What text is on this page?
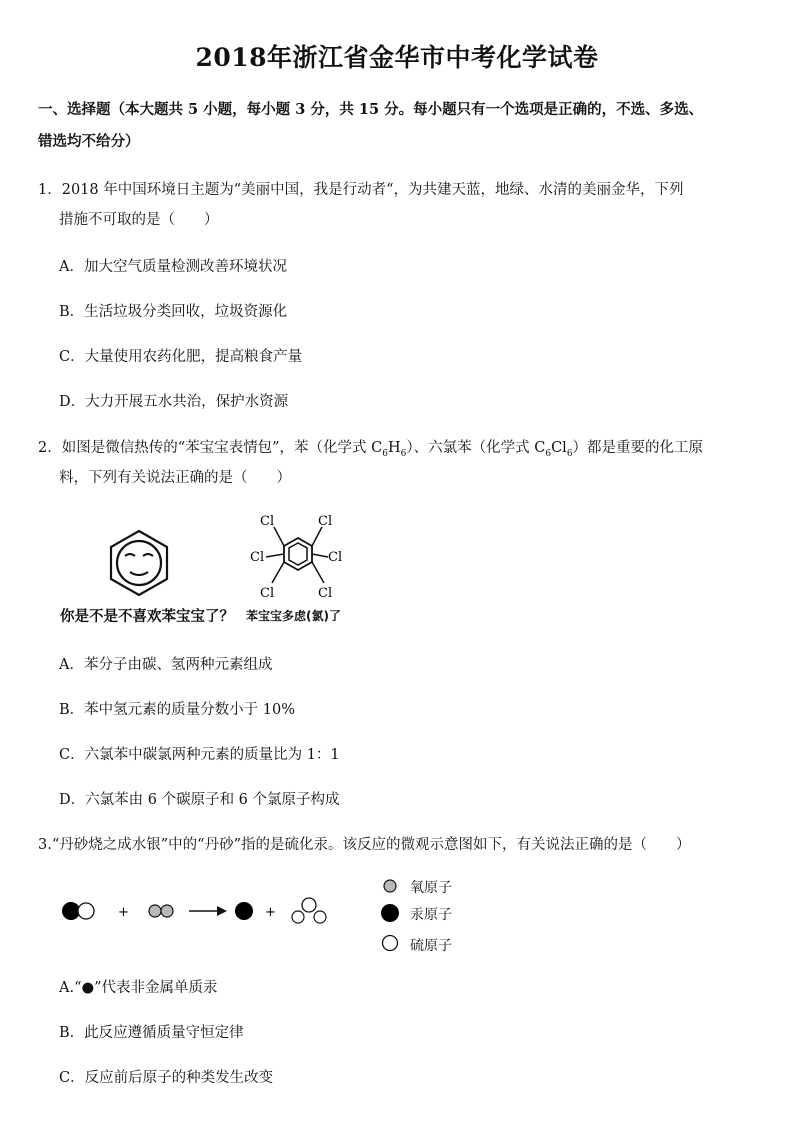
2018年浙江省金华市中考化学试卷
一、选择题（本大题共 5 小题，每小题 3 分，共 15 分。每小题只有一个选项是正确的，不选、多选、
错选均不给分）
1．2018 年中国环境日主题为“美丽中国，我是行动者“，为共建天蓝，地绿、水清的美丽金华，下列
措施不可取的是（　　）
A．加大空气质量检测改善环境状况
B．生活垃圾分类回收，垃圾资源化
C．大量使用农药化肥，提高粮食产量
D．大力开展五水共治，保护水资源
2．如图是微信热传的“苯宝宝表情包”，苯（化学式 $C_6H_6$）、六氯苯（化学式 $C_6Cl_6$）都是重要的化工原
料，下列有关说法正确的是（　　）
Cl	Cl
Cl	Cl
Cl	Cl
你是不是不喜欢苯宝宝了？ 苯宝宝多虑(氯)了
A．苯分子由碳、氢两种元素组成
B．苯中氢元素的质量分数小于 10%
C．六氯苯中碳氯两种元素的质量比为 1：1
D．六氯苯由 6 个碳原子和 6 个氯原子构成
3.“丹砂烧之成水银”中的“丹砂”指的是硫化汞。该反应的微观示意图如下，有关说法正确的是（　　）
+	+
氧原子
汞原子
硫原子
A.“●”代表非金属单质汞
B．此反应遵循质量守恒定律
C．反应前后原子的种类发生改变
